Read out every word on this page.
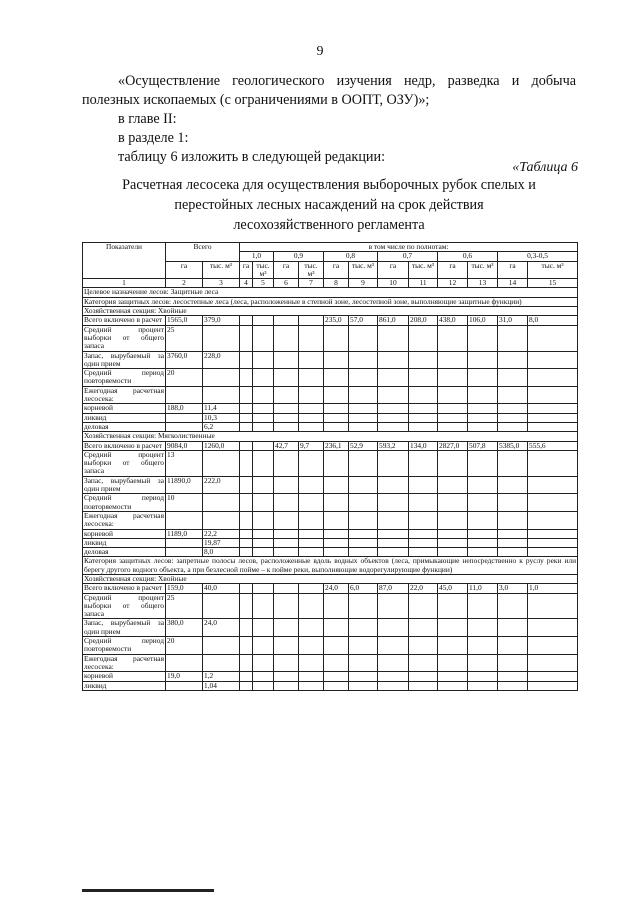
9

«Осуществление геологического изучения недр, разведка и добыча полезных ископаемых (с ограничениями в ООПТ, ОЗУ)»;

в главе II:

в разделе 1:

таблицу 6 изложить в следующей редакции:

«Таблица 6
Расчетная лесосека для осуществления выборочных рубок спелых и
перестойных лесных насаждений на срок действия
лесохозяйственного регламента
Показатели	Всего		в том числе по полнотам:											
			1,0		0,9		0,8		0,7		0,6		0,3-0,5	
	га	тыс. м³	га	тыс. м³	га	тыс. м³	га	тыс. м³	га	тыс. м³	га	тыс. м³	га	тыс. м³
1	2	3	4	5	6	7	8	9	10	11	12	13	14	15
Целевое назначение лесов: Защитные леса														
Категория защитных лесов: лесостепные леса (леса, расположенные в степной зоне, лесостепной зоне, выполняющие защитные функции)														
Хозяйственная секция: Хвойные														
Всего включено в расчет	1565,0	379,0					235,0	57,0	861,0	208,0	438,0	106,0	31,0	8,0
Средний процент выборки от общего запаса	25													
Запас, вырубаемый за один прием	3760,0	228,0												
Средний период повторяемости	20													
Ежегодная расчетная лесосека:														
корневой	188,0	11,4												
ликвид		10,3												
деловая		6,2												
Хозяйственная секция: Мягколиственные														
Всего включено в расчет	9084,0	1260,0			42,7	9,7	236,1	52,9	593,2	134,0	2827,0	507,8	5385,0	555,6
Средний процент выборки от общего запаса	13													
Запас, вырубаемый за один прием	11890,0	222,0												
Средний период повторяемости	10													
Ежегодная расчетная лесосека:														
корневой	1189,0	22,2												
ликвид		19,87												
деловая		8,0												
Категория защитных лесов: запретные полосы лесов, расположенные вдоль водных объектов (леса, примыкающие непосредственно к руслу реки или берегу другого водного объекта, а при безлесной пойме – к пойме реки, выполняющие водорегулирующие функции)														
Хозяйственная секция: Хвойные														
Всего включено в расчет	159,0	40,0					24,0	6,0	87,0	22,0	45,0	11,0	3,0	1,0
Средний процент выборки от общего запаса	25													
Запас, вырубаемый за один прием	380,0	24,0												
Средний период повторяемости	20													
Ежегодная расчетная лесосека:														
корневой	19,0	1,2												
ликвид		1,04												
